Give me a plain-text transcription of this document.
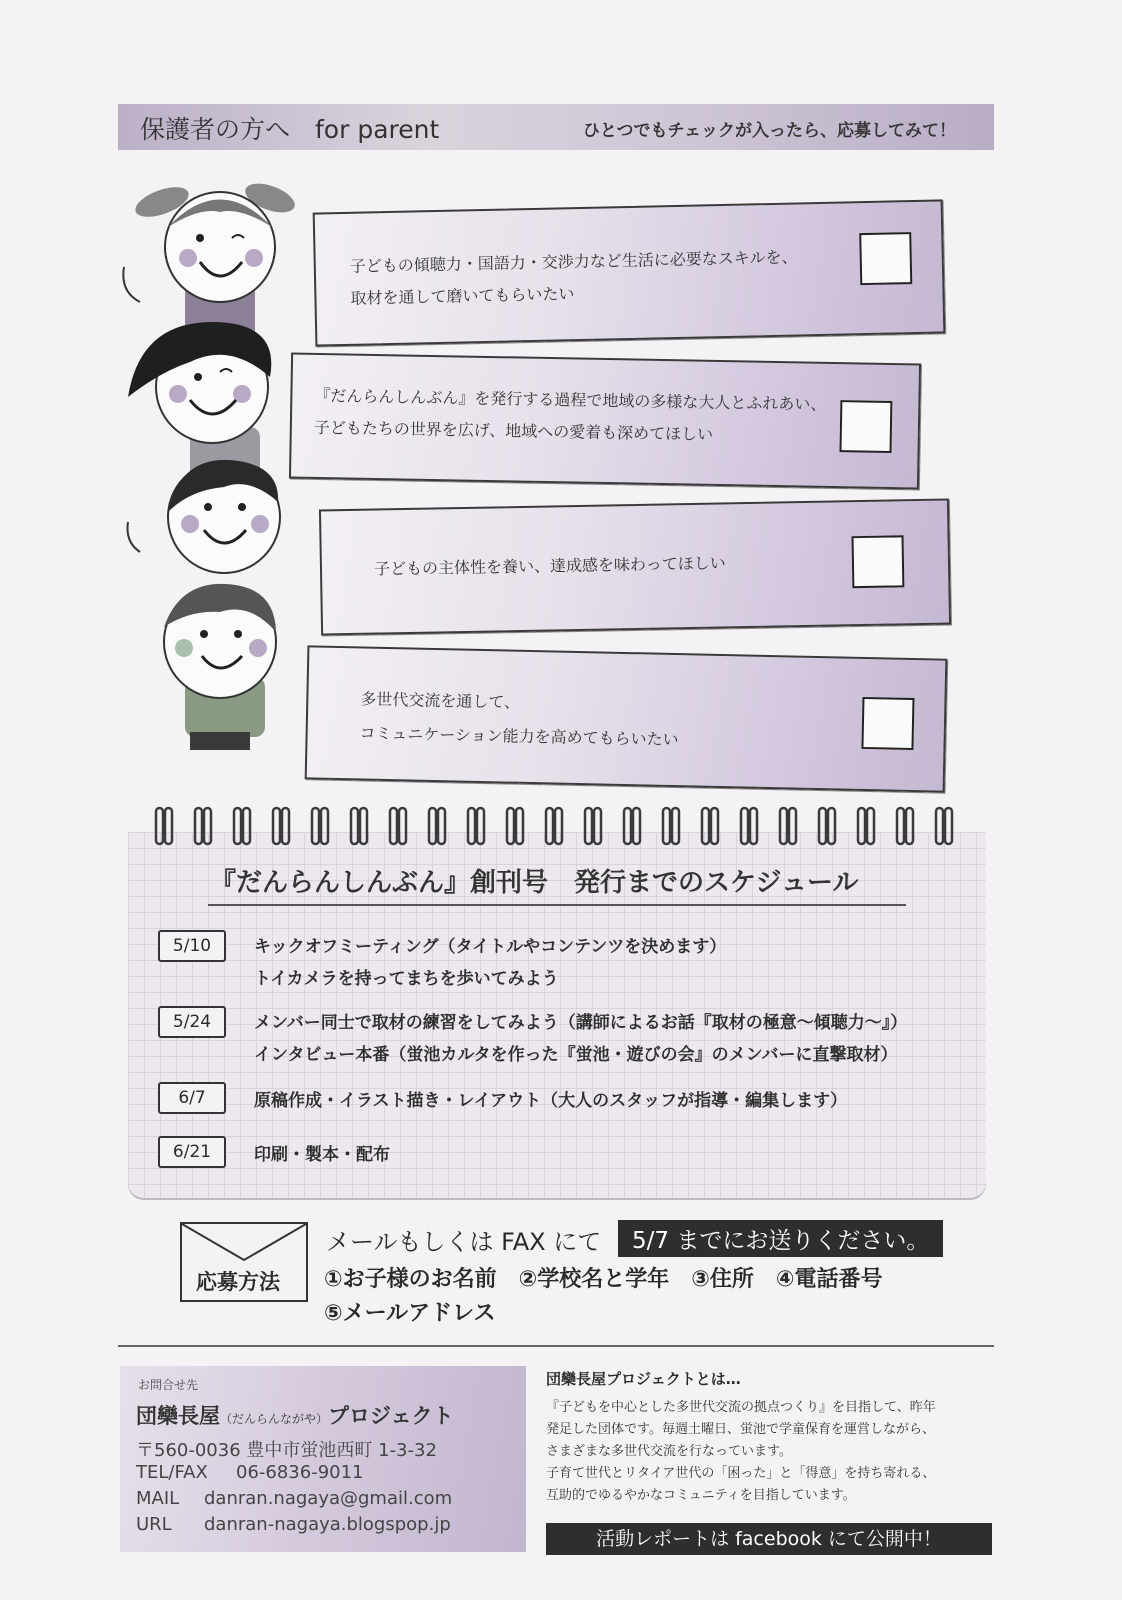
保護者の方へ　for parent	ひとつでもチェックが入ったら、応募してみて！
子どもの傾聴力・国語力・交渉力など生活に必要なスキルを、
取材を通して磨いてもらいたい
『だんらんしんぶん』を発行する過程で地域の多様な大人とふれあい、
子どもたちの世界を広げ、地域への愛着も深めてほしい
子どもの主体性を養い、達成感を味わってほしい
多世代交流を通して、
コミュニケーション能力を高めてもらいたい
『だんらんしんぶん』創刊号　発行までのスケジュール
5/10	キックオフミーティング（タイトルやコンテンツを決めます）
トイカメラを持ってまちを歩いてみよう
5/24	メンバー同士で取材の練習をしてみよう（講師によるお話『取材の極意〜傾聴力〜』）
インタビュー本番（蛍池カルタを作った『蛍池・遊びの会』のメンバーに直撃取材）
6/7	原稿作成・イラスト描き・レイアウト（大人のスタッフが指導・編集します）
6/21	印刷・製本・配布
応募方法
メールもしくは FAX にて	5/7 までにお送りください。
①お子様のお名前　②学校名と学年　③住所　④電話番号
⑤メールアドレス
お問合せ先
団欒長屋（だんらんながや）プロジェクト
〒560-0036 豊中市蛍池西町 1-3-32
TEL/FAX 06-6836-9011
MAIL danran.nagaya@gmail.com
URL danran-nagaya.blogspop.jp
団欒長屋プロジェクトとは…
『子どもを中心とした多世代交流の拠点つくり』を目指して、昨年
発足した団体です。毎週土曜日、蛍池で学童保育を運営しながら、
さまざまな多世代交流を行なっています。
子育て世代とリタイア世代の「困った」と「得意」を持ち寄れる、
互助的でゆるやかなコミュニティを目指しています。
活動レポートは facebook にて公開中！
